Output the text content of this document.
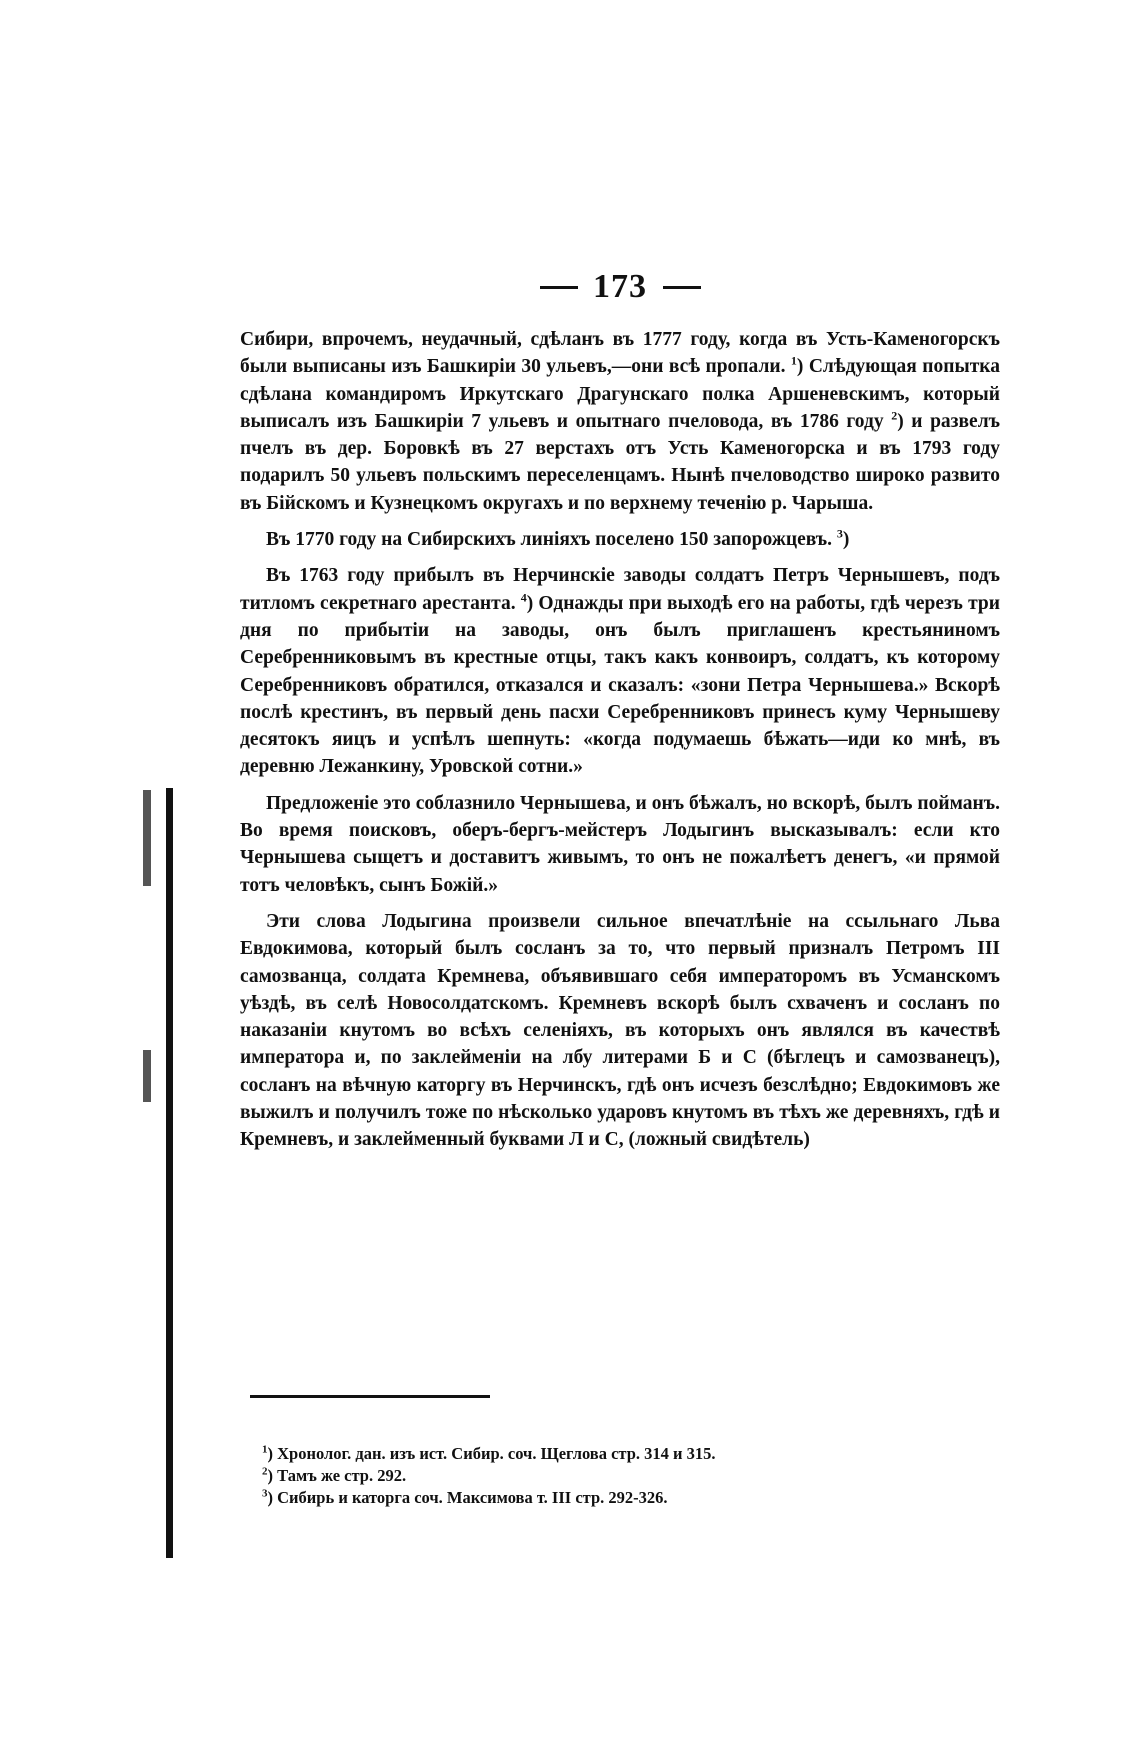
173

Сибири, впрочемъ, неудачный, сдѣланъ въ 1777 году, когда въ Усть-Каменогорскъ были выписаны изъ Башкиріи 30 ульевъ,—они всѣ пропали. $^1$) Слѣдующая попытка сдѣлана командиромъ Иркутскаго Драгунскаго полка Аршеневскимъ, который выписалъ изъ Башкиріи 7 ульевъ и опытнаго пчеловода, въ 1786 году $^2$) и развелъ пчелъ въ дер. Боровкѣ въ 27 верстахъ отъ Усть Каменогорска и въ 1793 году подарилъ 50 ульевъ польскимъ переселенцамъ. Нынѣ пчеловодство широко развито въ Бійскомъ и Кузнецкомъ округахъ и по верхнему теченію р. Чарыша.

Въ 1770 году на Сибирскихъ линіяхъ поселено 150 запорожцевъ. $^3$)

Въ 1763 году прибылъ въ Нерчинскіе заводы солдатъ Петръ Чернышевъ, подъ титломъ секретнаго арестанта. $^4$) Однажды при выходѣ его на работы, гдѣ черезъ три дня по прибытіи на заводы, онъ былъ приглашенъ крестьяниномъ Серебренниковымъ въ крестные отцы, такъ какъ конвоиръ, солдатъ, къ которому Серебренниковъ обратился, отказался и сказалъ: «зони Петра Чернышева.» Вскорѣ послѣ крестинъ, въ первый день пасхи Серебренниковъ принесъ куму Чернышеву десятокъ яицъ и успѣлъ шепнуть: «когда подумаешь бѣжать—иди ко мнѣ, въ деревню Лежанкину, Уровской сотни.»

Предложеніе это соблазнило Чернышева, и онъ бѣжалъ, но вскорѣ, былъ пойманъ. Во время поисковъ, оберъ-бергъ-мейстеръ Лодыгинъ высказывалъ: если кто Чернышева сыщетъ и доставитъ живымъ, то онъ не пожалѣетъ денегъ, «и прямой тотъ человѣкъ, сынъ Божій.»

Эти слова Лодыгина произвели сильное впечатлѣніе на ссыльнаго Льва Евдокимова, который былъ сосланъ за то, что первый призналъ Петромъ III самозванца, солдата Кремнева, объявившаго себя императоромъ въ Усманскомъ уѣздѣ, въ селѣ Новосолдатскомъ. Кремневъ вскорѣ былъ схваченъ и сосланъ по наказаніи кнутомъ во всѣхъ селеніяхъ, въ которыхъ онъ являлся въ качествѣ императора и, по заклейменіи на лбу литерами Б и С (бѣглецъ и самозванецъ), сосланъ на вѣчную каторгу въ Нерчинскъ, гдѣ онъ исчезъ безслѣдно; Евдокимовъ же выжилъ и получилъ тоже по нѣсколько ударовъ кнутомъ въ тѣхъ же деревняхъ, гдѣ и Кремневъ, и заклейменный буквами Л и С, (ложный свидѣтель)

$^1$) Хронолог. дан. изъ ист. Сибир. соч. Щеглова стр. 314 и 315.

$^2$) Тамъ же стр. 292.

$^3$) Сибирь и каторга соч. Максимова т. III стр. 292-326.
